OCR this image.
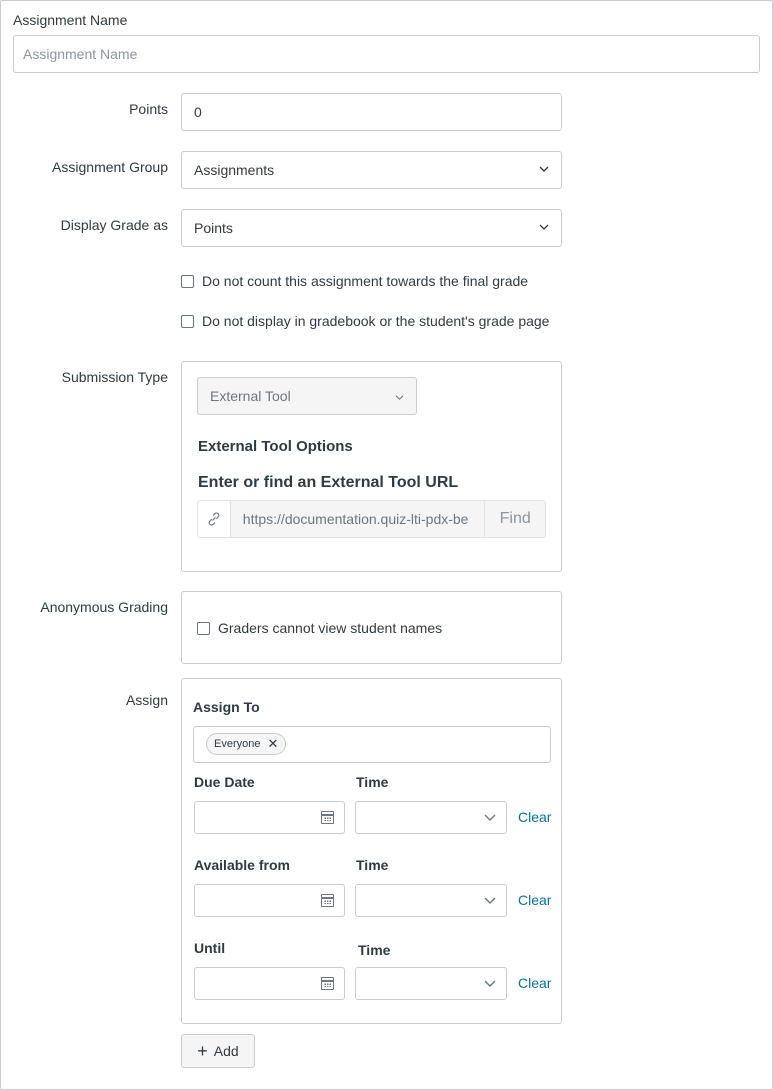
Assignment Name
Assignment Name
Points 0
Assignment Group Assignments
Display Grade as Points
Do not count this assignment towards the final grade
Do not display in gradebook or the student's grade page
Submission Type
External Tool
External Tool Options
Enter or find an External Tool URL
https://documentation.quiz-lti-pdx-be	Find
Anonymous Grading
Graders cannot view student names
Assign Assign To
Everyone ✕
Due Date	Time
Clear
Available from	Time
Clear
Until	Time
Clear
+ Add
